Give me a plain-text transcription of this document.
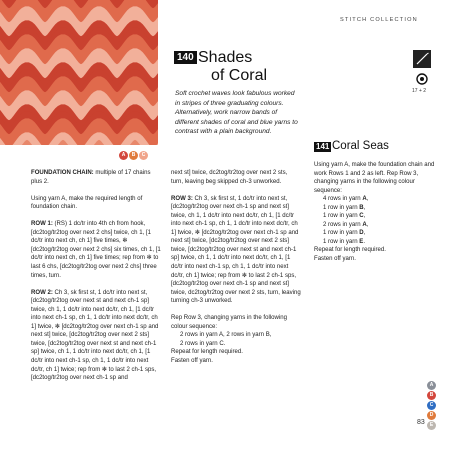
A	B	C
STITCH COLLECTION
140 Shades
of Coral
Soft crochet waves look fabulous worked in stripes of three graduating colours. Alternatively, work narrow bands of different shades of coral and blue yarns to contrast with a plain background.
17 + 2
141 Coral Seas

FOUNDATION CHAIN: multiple of 17 chains plus 2.

Using yarn A, make the required length of foundation chain.

ROW 1: (RS) 1 dc/tr into 4th ch from hook, [dc2tog/tr2tog over next 2 chs] twice, ch 1, [1 dc/tr into next ch, ch 1] five times, ✻ [dc2tog/tr2tog over next 2 chs] six times, ch 1, [1 dc/tr into next ch, ch 1] five times; rep from ✻ to last 6 chs, [dc2tog/tr2tog over next 2 chs] three times, turn.

ROW 2: Ch 3, sk first st, 1 dc/tr into next st, [dc2tog/tr2tog over next st and next ch-1 sp] twice, ch 1, 1 dc/tr into next dc/tr, ch 1, [1 dc/tr into next ch-1 sp, ch 1, 1 dc/tr into next dc/tr, ch 1] twice, ✻ [dc2tog/tr2tog over next ch-1 sp and next st] twice, [dc2tog/tr2tog over next 2 sts] twice, [dc2tog/tr2tog over next st and next ch-1 sp] twice, ch 1, 1 dc/tr into next dc/tr, ch 1, [1 dc/tr into next ch-1 sp, ch 1, 1 dc/tr into next dc/tr, ch 1] twice; rep from ✻ to last 2 ch-1 sps, [dc2tog/tr2tog over next ch-1 sp and

next st] twice, dc2tog/tr2tog over next 2 sts, turn, leaving beg skipped ch-3 unworked.

ROW 3: Ch 3, sk first st, 1 dc/tr into next st, [dc2tog/tr2tog over next ch-1 sp and next st] twice, ch 1, 1 dc/tr into next dc/tr, ch 1, [1 dc/tr into next ch-1 sp, ch 1, 1 dc/tr into next dc/tr, ch 1] twice, ✻ [dc2tog/tr2tog over next ch-1 sp and next st] twice, [dc2tog/tr2tog over next 2 sts] twice, [dc2tog/tr2tog over next st and next ch-1 sp] twice, ch 1, 1 dc/tr into next dc/tr, ch 1, [1 dc/tr into next ch-1 sp, ch 1, 1 dc/tr into next dc/tr, ch 1] twice; rep from ✻ to last 2 ch-1 sps, [dc2tog/tr2tog over next ch-1 sp and next st] twice, dc2tog/tr2tog over next 2 sts, turn, leaving turning ch-3 unworked.

Rep Row 3, changing yarns in the following colour sequence:

2 rows in yarn A, 2 rows in yarn B,

2 rows in yarn C.

Repeat for length required.

Fasten off yarn.

Using yarn A, make the foundation chain and work Rows 1 and 2 as left. Rep Row 3, changing yarns in the following colour sequence:

4 rows in yarn A,
1 row in yarn B,
1 row in yarn C,
2 rows in yarn A,
1 row in yarn D,
1 row in yarn E.

Repeat for length required.

Fasten off yarn.

A
B
C
D
E
83
